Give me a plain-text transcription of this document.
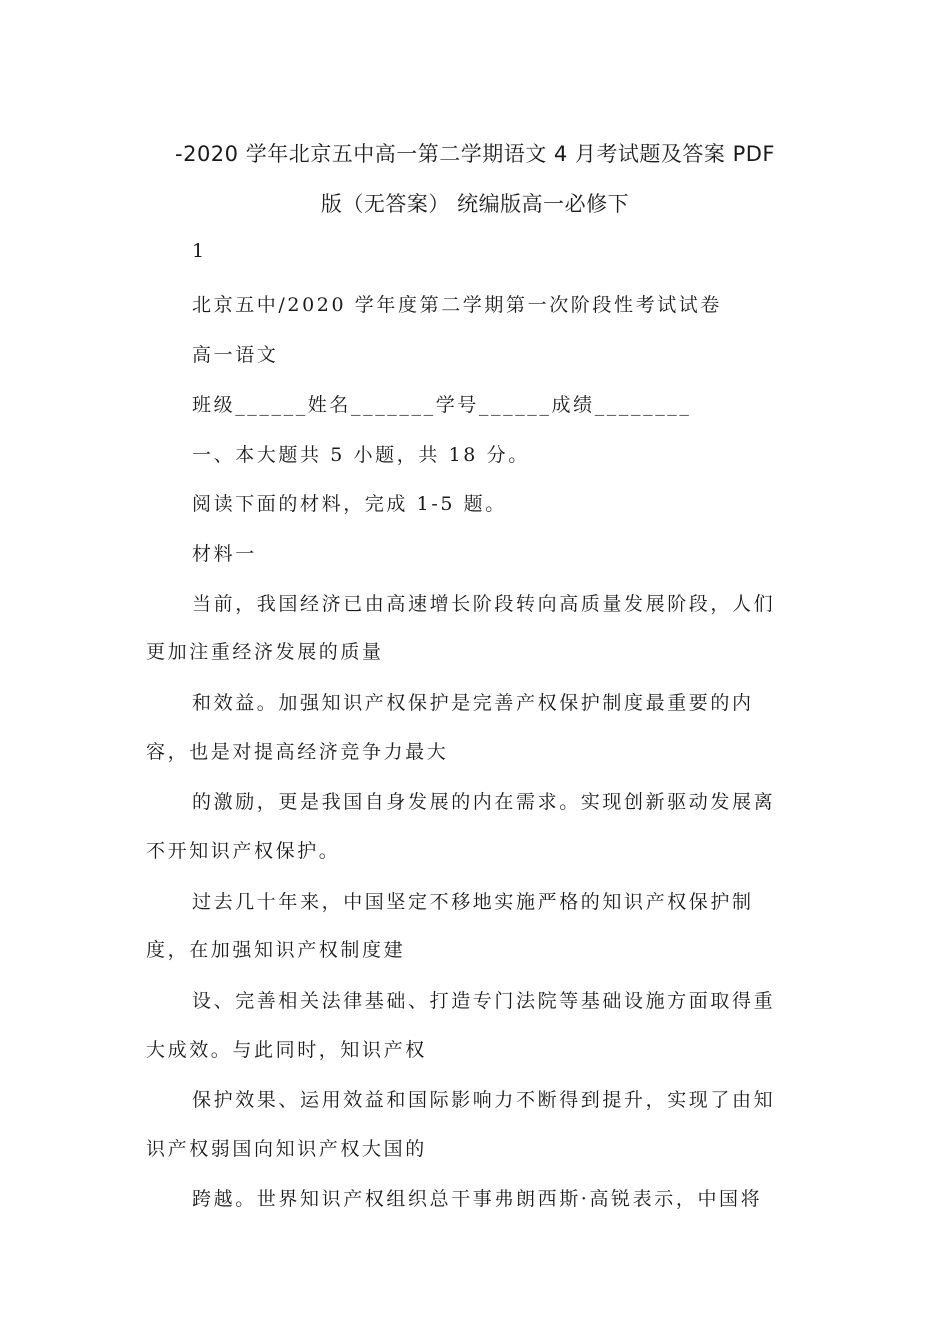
-2020 学年北京五中高一第二学期语文 4 月考试题及答案 PDF
版（无答案） 统编版高一必修下
1
北京五中/2020 学年度第二学期第一次阶段性考试试卷
高一语文
班级______姓名_______学号______成绩________
一、本大题共 5 小题，共 18 分。
阅读下面的材料，完成 1-5 题。
材料一
当前，我国经济已由高速增长阶段转向高质量发展阶段，人们
更加注重经济发展的质量
和效益。加强知识产权保护是完善产权保护制度最重要的内
容，也是对提高经济竞争力最大
的激励，更是我国自身发展的内在需求。实现创新驱动发展离
不开知识产权保护。
过去几十年来，中国坚定不移地实施严格的知识产权保护制
度，在加强知识产权制度建
设、完善相关法律基础、打造专门法院等基础设施方面取得重
大成效。与此同时，知识产权
保护效果、运用效益和国际影响力不断得到提升，实现了由知
识产权弱国向知识产权大国的
跨越。世界知识产权组织总干事弗朗西斯·高锐表示，中国将
